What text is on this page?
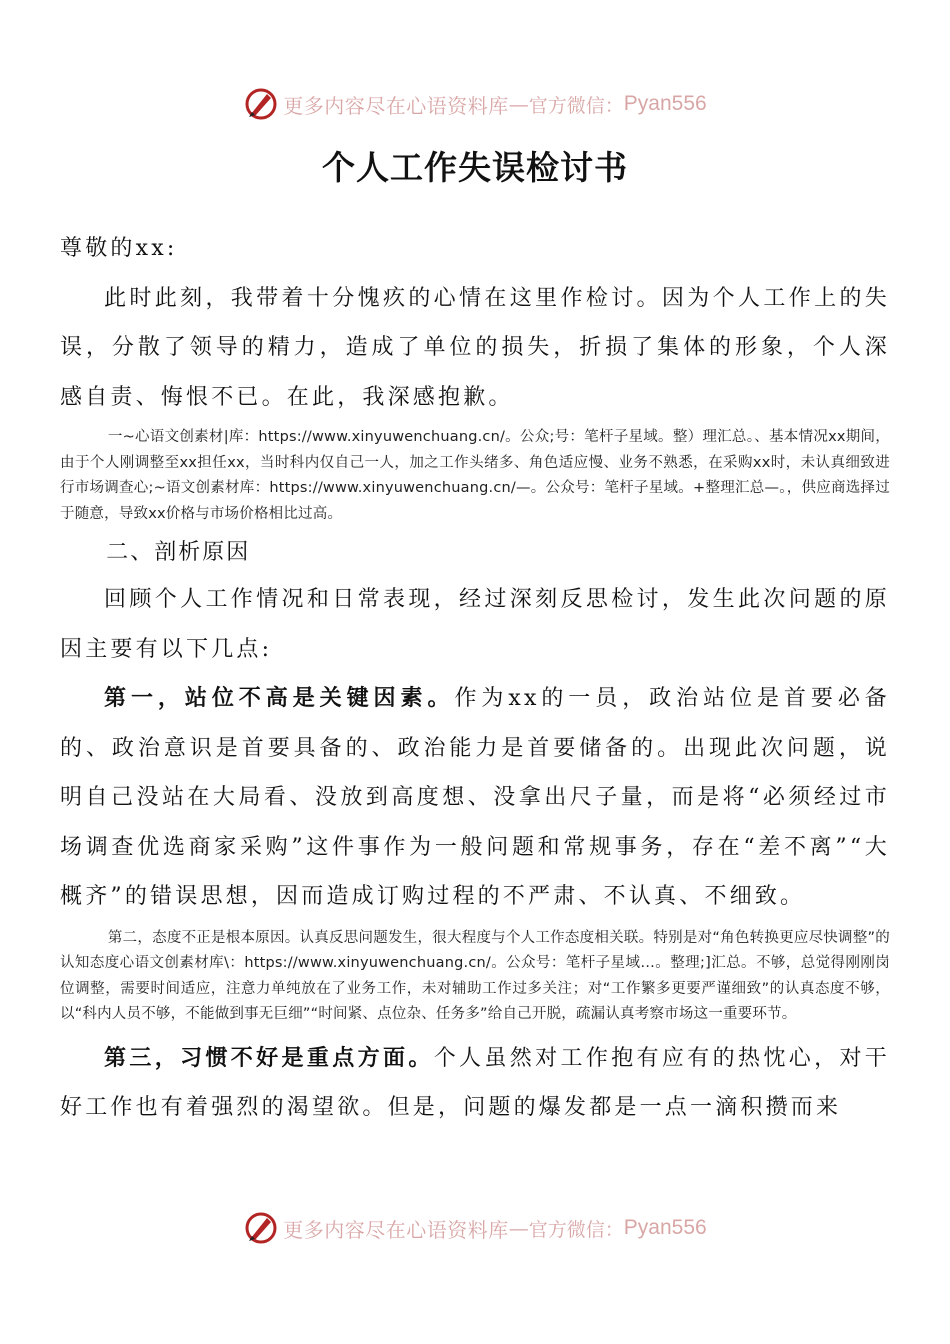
更多内容尽在心语资料库 — 官方微信： Pyan556
个人工作失误检讨书

尊敬的xx:

此时此刻，我带着十分愧疚的心情在这里作检讨。因为个人工作上的失误，分散了领导的精力，造成了单位的损失，折损了集体的形象，个人深感自责、悔恨不已。在此，我深感抱歉。

一~心语文创素材|库：https://www.xinyuwenchuang.cn/。公众;号：笔杆子星域。整）理汇总。、基本情况xx期间，由于个人刚调整至xx担任xx，当时科内仅自己一人，加之工作头绪多、角色适应慢、业务不熟悉，在采购xx时，未认真细致进行市场调查心;~语文创素材库：https://www.xinyuwenchuang.cn/—。公众号：笔杆子星域。+整理汇总—。，供应商选择过于随意，导致xx价格与市场价格相比过高。

二、剖析原因

回顾个人工作情况和日常表现，经过深刻反思检讨，发生此次问题的原因主要有以下几点:

第一，站位不高是关键因素。作为xx的一员，政治站位是首要必备的、政治意识是首要具备的、政治能力是首要储备的。出现此次问题，说明自己没站在大局看、没放到高度想、没拿出尺子量，而是将“必须经过市场调查优选商家采购”这件事作为一般问题和常规事务，存在“差不离”“大概齐”的错误思想，因而造成订购过程的不严肃、不认真、不细致。

第二，态度不正是根本原因。认真反思问题发生，很大程度与个人工作态度相关联。特别是对“角色转换更应尽快调整”的认知态度心语文创素材库\：https://www.xinyuwenchuang.cn/。公众号：笔杆子星域…。整理;]汇总。不够，总觉得刚刚岗位调整，需要时间适应，注意力单纯放在了业务工作，未对辅助工作过多关注；对“工作繁多更要严谨细致”的认真态度不够，以“科内人员不够，不能做到事无巨细”“时间紧、点位杂、任务多”给自己开脱，疏漏认真考察市场这一重要环节。

第三，习惯不好是重点方面。个人虽然对工作抱有应有的热忱心，对干好工作也有着强烈的渴望欲。但是，问题的爆发都是一点一滴积攒而来

更多内容尽在心语资料库 — 官方微信： Pyan556
